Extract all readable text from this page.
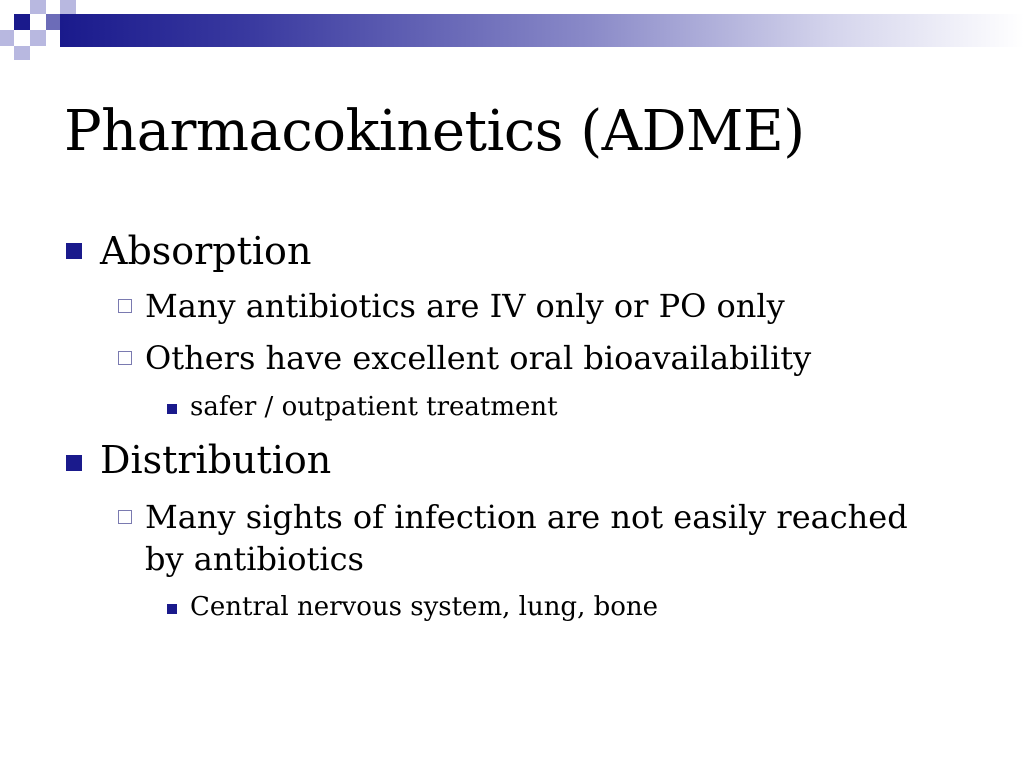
Pharmacokinetics (ADME)
Absorption
Many antibiotics are IV only or PO only
Others have excellent oral bioavailability
safer / outpatient treatment
Distribution
Many sights of infection are not easily reached
by antibiotics
Central nervous system, lung, bone
